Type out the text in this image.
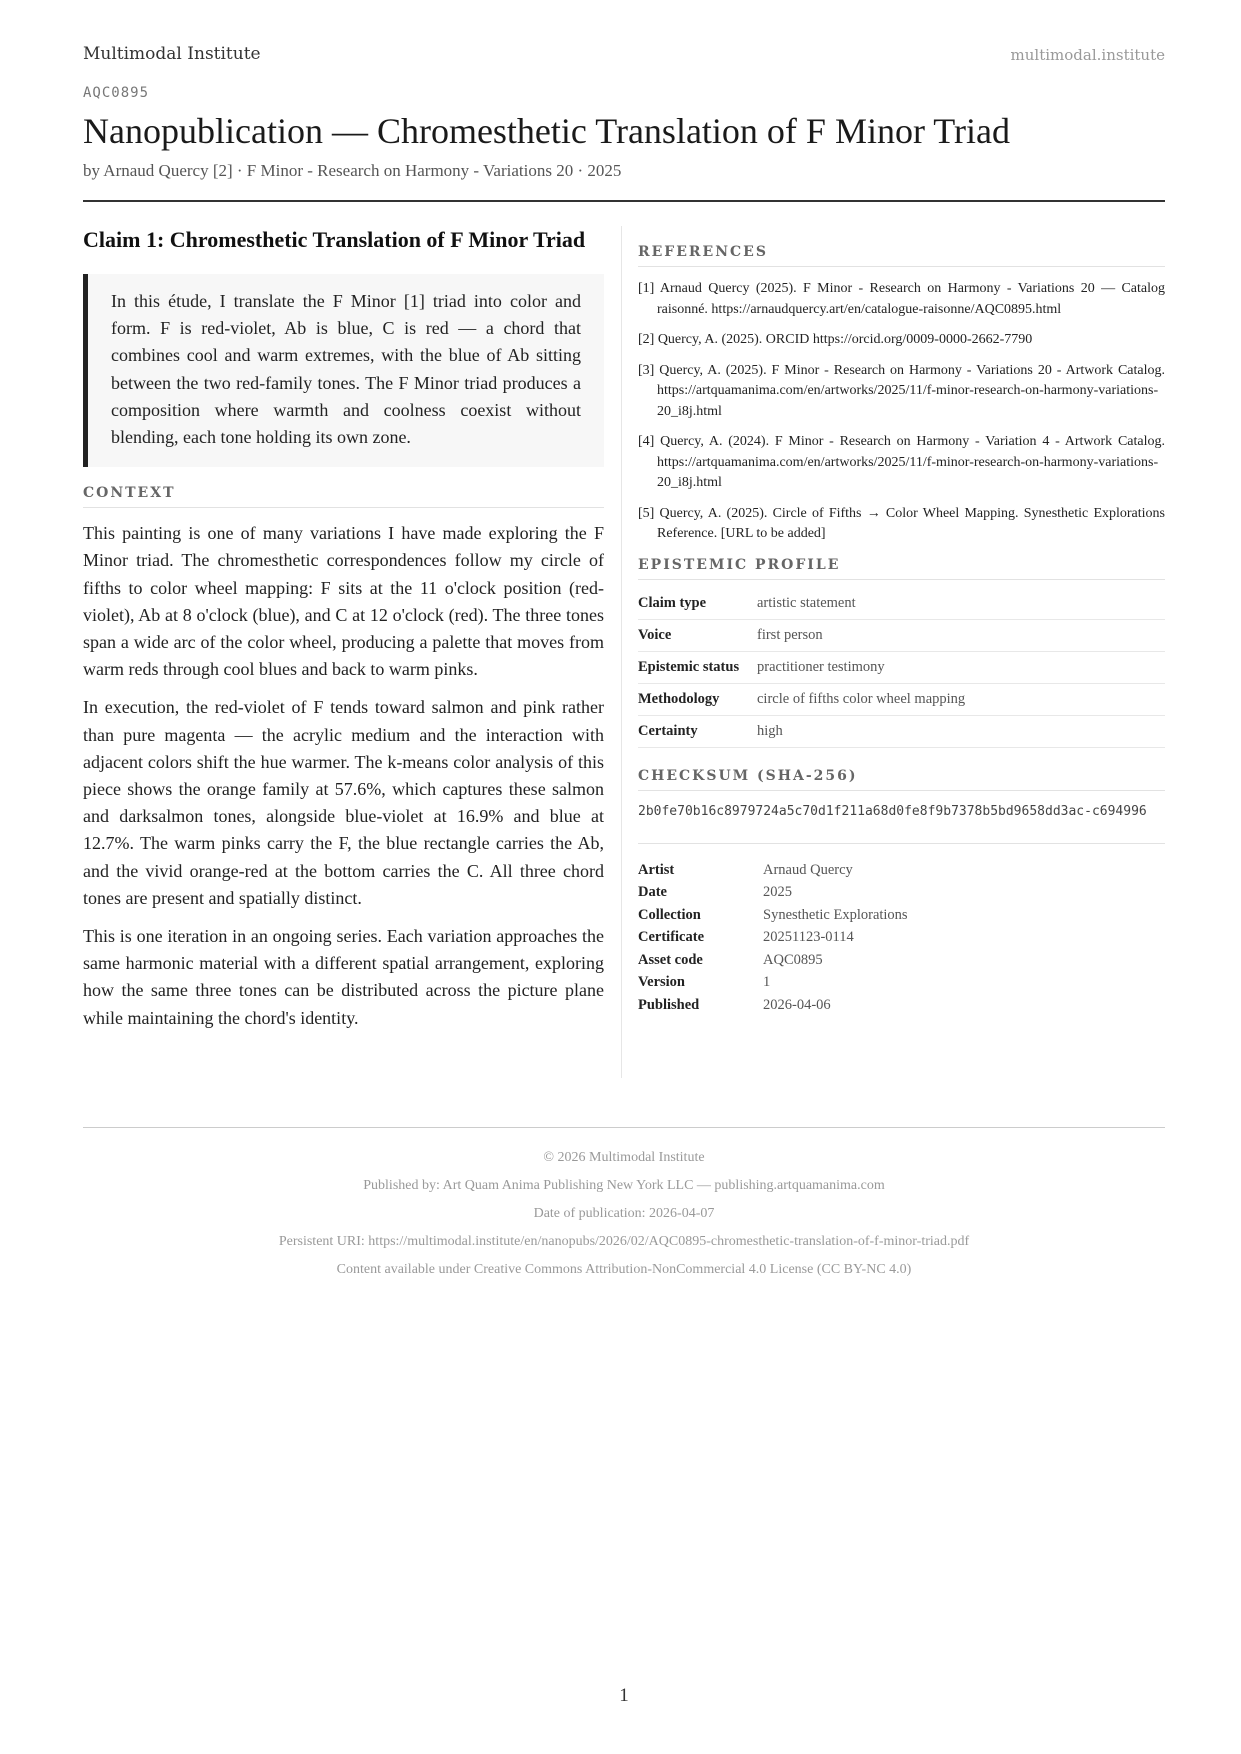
Multimodal Institute	multimodal.institute
AQC0895
Nanopublication — Chromesthetic Translation of F Minor Triad
by Arnaud Quercy [2] · F Minor - Research on Harmony - Variations 20 · 2025
Claim 1: Chromesthetic Translation of F Minor Triad
In this étude, I translate the F Minor [1] triad into color and form. F is red-violet, Ab is blue, C is red — a chord that combines cool and warm extremes, with the blue of Ab sitting between the two red-family tones. The F Minor triad produces a composition where warmth and coolness coexist without blending, each tone holding its own zone.
CONTEXT

This painting is one of many variations I have made exploring the F Minor triad. The chromesthetic correspondences follow my circle of fifths to color wheel mapping: F sits at the 11 o'clock position (red-violet), Ab at 8 o'clock (blue), and C at 12 o'clock (red). The three tones span a wide arc of the color wheel, producing a palette that moves from warm reds through cool blues and back to warm pinks.

In execution, the red-violet of F tends toward salmon and pink rather than pure magenta — the acrylic medium and the interaction with adjacent colors shift the hue warmer. The k-means color analysis of this piece shows the orange family at 57.6%, which captures these salmon and darksalmon tones, alongside blue-violet at 16.9% and blue at 12.7%. The warm pinks carry the F, the blue rectangle carries the Ab, and the vivid orange-red at the bottom carries the C. All three chord tones are present and spatially distinct.

This is one iteration in an ongoing series. Each variation approaches the same harmonic material with a different spatial arrangement, exploring how the same three tones can be distributed across the picture plane while maintaining the chord's identity.

REFERENCES
[1] Arnaud Quercy (2025). F Minor - Research on Harmony - Variations 20 — Catalog raisonné. https://arnaudquercy.art/en/catalogue-raisonne/AQC0895.html
[2] Quercy, A. (2025). ORCID https://orcid.org/0009-0000-2662-7790
[3] Quercy, A. (2025). F Minor - Research on Harmony - Variations 20 - Artwork Catalog. https://artquamanima.com/en/artworks/2025/11/f-minor-research-on-harmony-variations-20_i8j.html
[4] Quercy, A. (2024). F Minor - Research on Harmony - Variation 4 - Artwork Catalog. https://artquamanima.com/en/artworks/2025/11/f-minor-research-on-harmony-variations-20_i8j.html
[5] Quercy, A. (2025). Circle of Fifths → Color Wheel Mapping. Synesthetic Explorations Reference. [URL to be added]
EPISTEMIC PROFILE
Claim type	artistic statement
Voice	first person
Epistemic status	practitioner testimony
Methodology	circle of fifths color wheel mapping
Certainty	high
CHECKSUM (SHA-256)
2b0fe70b16c8979724a5c70d1f211a68d0fe8f9b7378b5bd9658dd3ac-c694996
Artist	Arnaud Quercy
Date	2025
Collection	Synesthetic Explorations
Certificate	20251123-0114
Asset code	AQC0895
Version	1
Published	2026-04-06
© 2026 Multimodal Institute
Published by: Art Quam Anima Publishing New York LLC — publishing.artquamanima.com
Date of publication: 2026-04-07
Persistent URI: https://multimodal.institute/en/nanopubs/2026/02/AQC0895-chromesthetic-translation-of-f-minor-triad.pdf
Content available under Creative Commons Attribution-NonCommercial 4.0 License (CC BY-NC 4.0)
1
